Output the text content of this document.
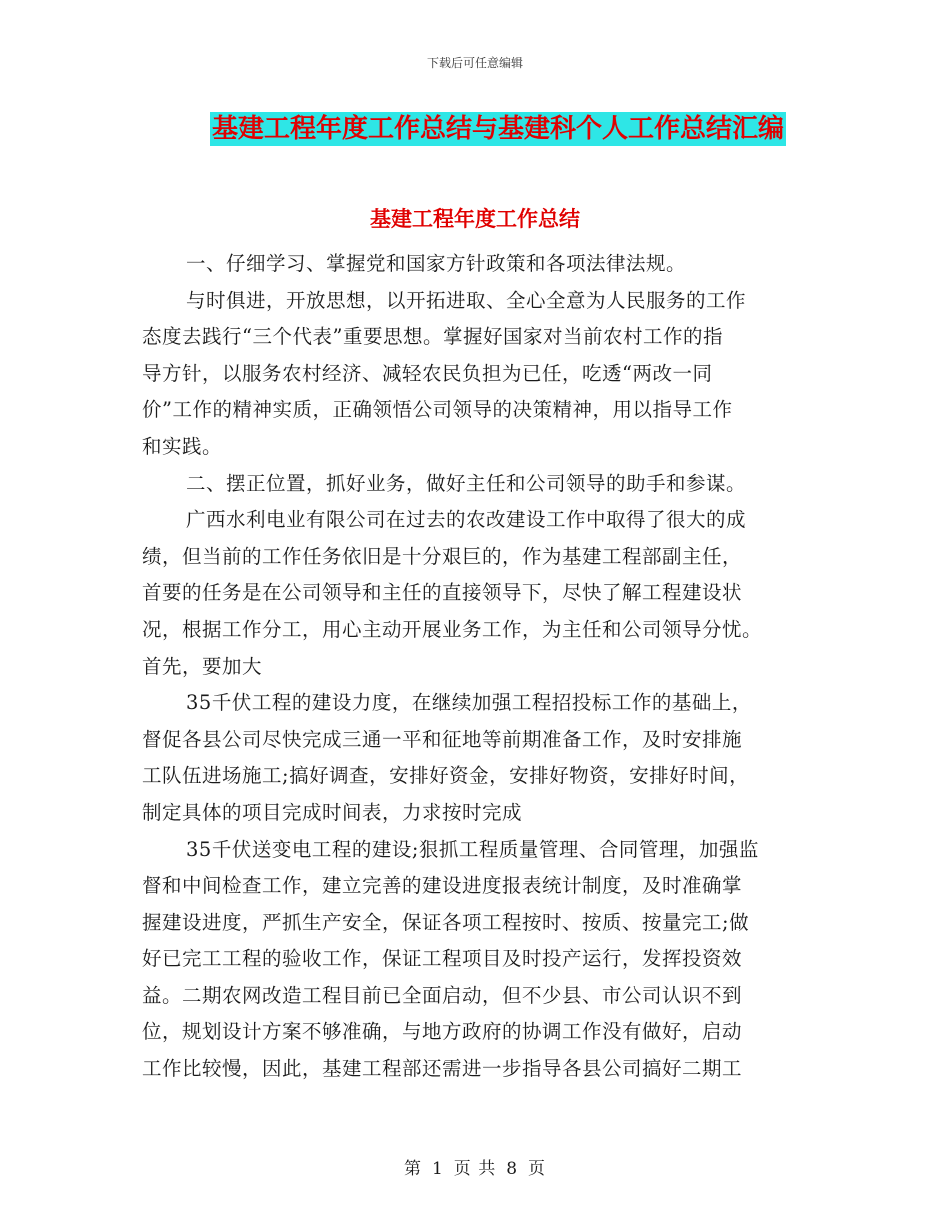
下载后可任意编辑
基建工程年度工作总结与基建科个人工作总结汇编
基建工程年度工作总结
一、仔细学习、掌握党和国家方针政策和各项法律法规。
与时俱进，开放思想，以开拓进取、全心全意为人民服务的工作
态度去践行“三个代表”重要思想。掌握好国家对当前农村工作的指
导方针，以服务农村经济、减轻农民负担为已任，吃透“两改一同
价”工作的精神实质，正确领悟公司领导的决策精神，用以指导工作
和实践。
二、摆正位置，抓好业务，做好主任和公司领导的助手和参谋。
广西水利电业有限公司在过去的农改建设工作中取得了很大的成
绩，但当前的工作任务依旧是十分艰巨的，作为基建工程部副主任，
首要的任务是在公司领导和主任的直接领导下，尽快了解工程建设状
况，根据工作分工，用心主动开展业务工作，为主任和公司领导分忧。
首先，要加大
35千伏工程的建设力度，在继续加强工程招投标工作的基础上，
督促各县公司尽快完成三通一平和征地等前期准备工作，及时安排施
工队伍进场施工;搞好调查，安排好资金，安排好物资，安排好时间，
制定具体的项目完成时间表，力求按时完成
35千伏送变电工程的建设;狠抓工程质量管理、合同管理，加强监
督和中间检查工作，建立完善的建设进度报表统计制度，及时准确掌
握建设进度，严抓生产安全，保证各项工程按时、按质、按量完工;做
好已完工工程的验收工作，保证工程项目及时投产运行，发挥投资效
益。二期农网改造工程目前已全面启动，但不少县、市公司认识不到
位，规划设计方案不够准确，与地方政府的协调工作没有做好，启动
工作比较慢，因此，基建工程部还需进一步指导各县公司搞好二期工
第 1 页 共 8 页
